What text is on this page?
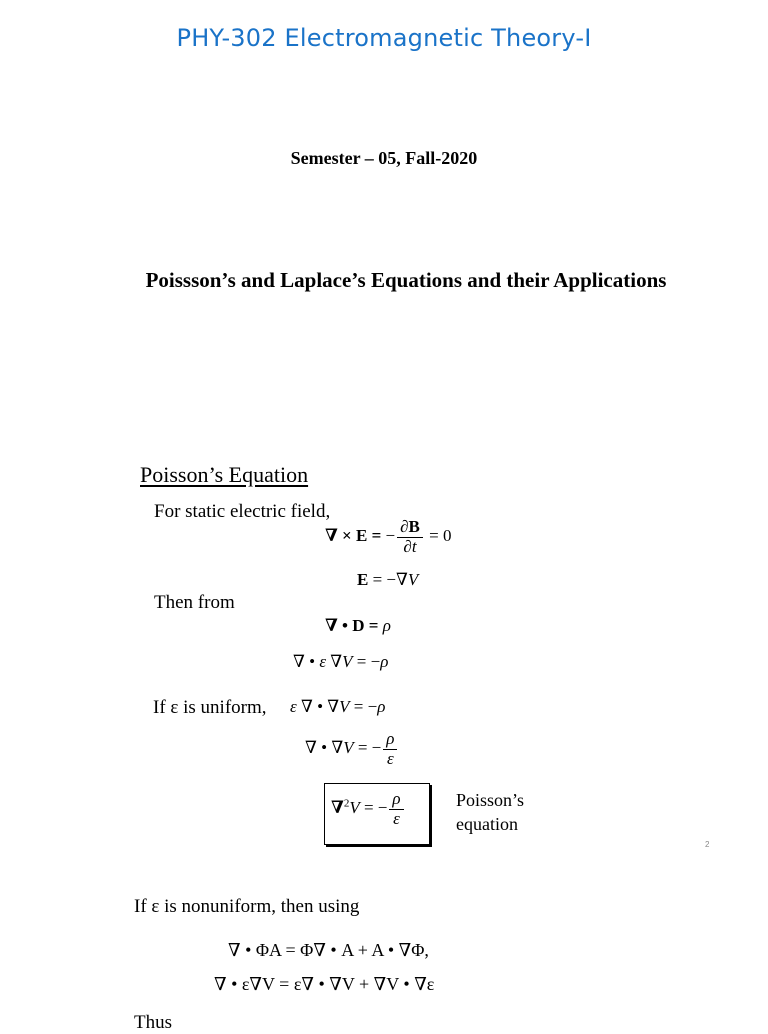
PHY-302 Electromagnetic Theory-I
Semester – 05, Fall-2020
Poissson’s and Laplace’s Equations and their Applications
Poisson’s Equation
For static electric field,
∇ × E = − $\frac{\partial B}{\partial t} = 0$
E = −∇V
Then from
∇ • D = ρ
∇ • ε ∇V = −ρ
If ε is uniform, ε ∇ • ∇V = −ρ
∇ • ∇V = − $\frac{\rho}{\varepsilon}$
∇$^2$V = − $\frac{\rho}{\varepsilon}$	Poisson’s
equation
2
If ε is nonuniform, then using
∇ • ΦA = Φ∇ • A + A • ∇Φ,
∇ • ε∇V = ε∇ • ∇V + ∇V • ∇ε
Thus
